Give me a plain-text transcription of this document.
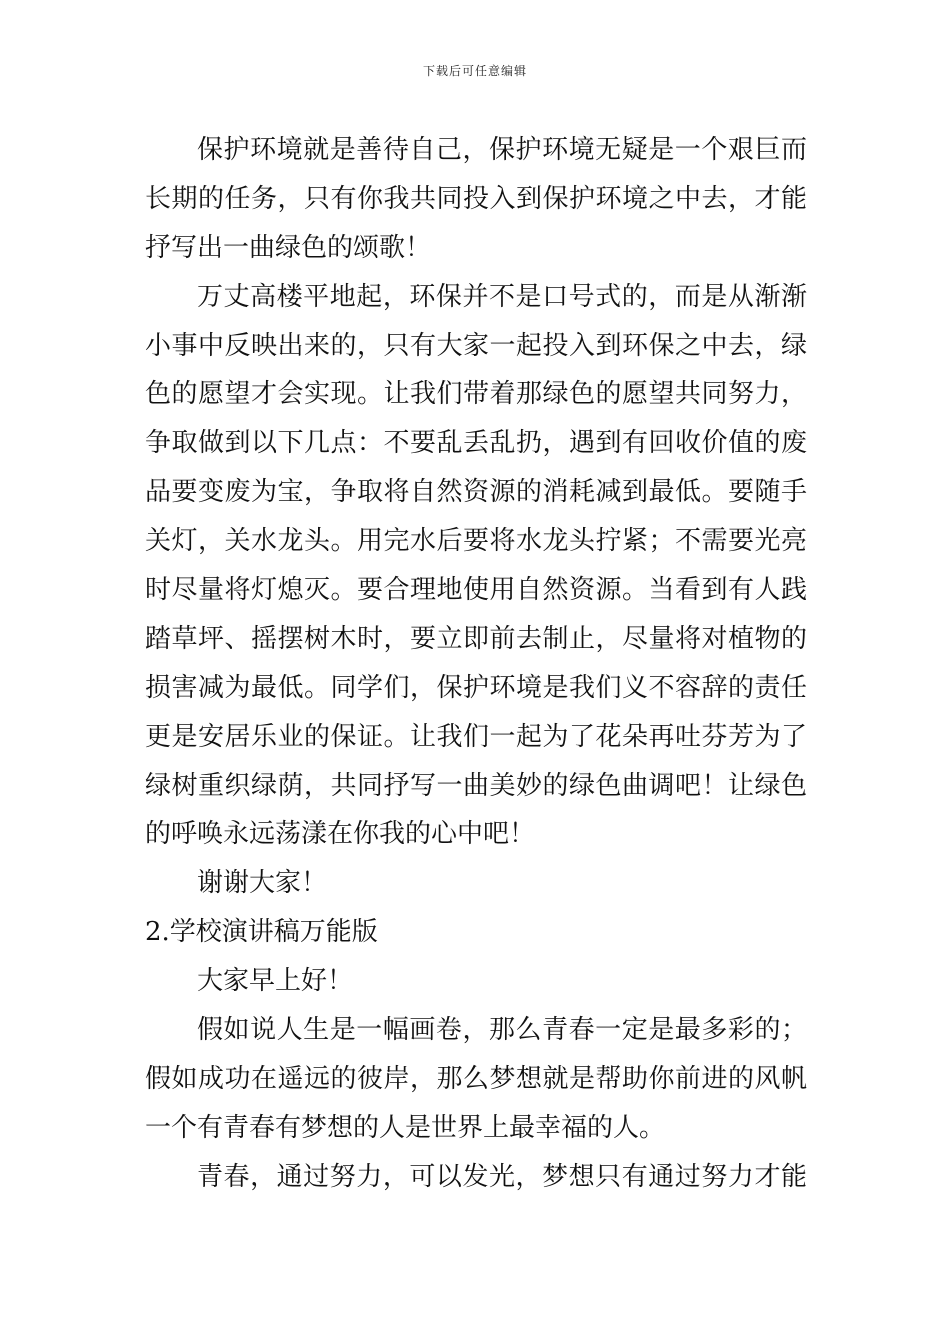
下载后可任意编辑
保护环境就是善待自己，保护环境无疑是一个艰巨而
长期的任务，只有你我共同投入到保护环境之中去，才能
抒写出一曲绿色的颂歌！
万丈高楼平地起，环保并不是口号式的，而是从渐渐
小事中反映出来的，只有大家一起投入到环保之中去，绿
色的愿望才会实现。让我们带着那绿色的愿望共同努力，
争取做到以下几点：不要乱丢乱扔，遇到有回收价值的废
品要变废为宝，争取将自然资源的消耗减到最低。要随手
关灯，关水龙头。用完水后要将水龙头拧紧；不需要光亮
时尽量将灯熄灭。要合理地使用自然资源。当看到有人践
踏草坪、摇摆树木时，要立即前去制止，尽量将对植物的
损害减为最低。同学们，保护环境是我们义不容辞的责任
更是安居乐业的保证。让我们一起为了花朵再吐芬芳为了
绿树重织绿荫，共同抒写一曲美妙的绿色曲调吧！让绿色
的呼唤永远荡漾在你我的心中吧！
谢谢大家！
2.学校演讲稿万能版
大家早上好！
假如说人生是一幅画卷，那么青春一定是最多彩的；
假如成功在遥远的彼岸，那么梦想就是帮助你前进的风帆
一个有青春有梦想的人是世界上最幸福的人。
青春，通过努力，可以发光，梦想只有通过努力才能
